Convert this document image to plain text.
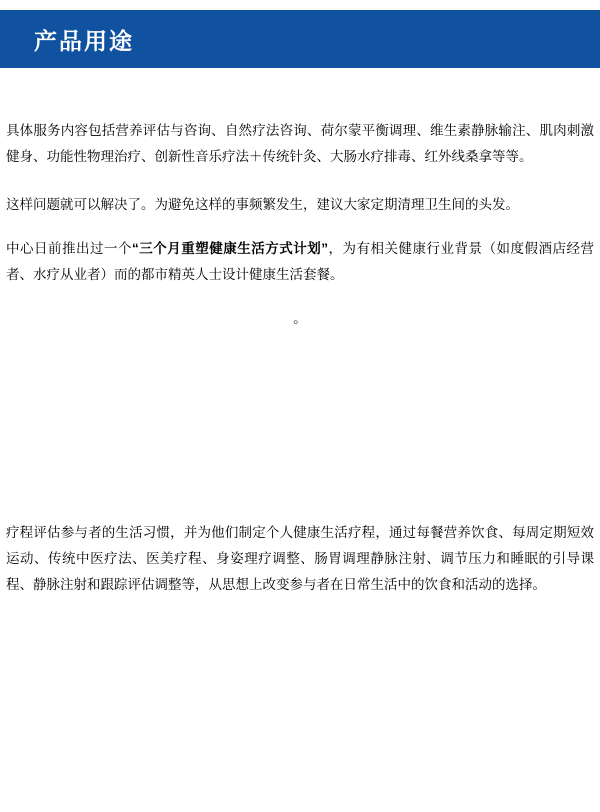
产品用途

具体服务内容包括营养评估与咨询、自然疗法咨询、荷尔蒙平衡调理、维生素静脉输注、肌肉刺激健身、功能性物理治疗、创新性音乐疗法＋传统针灸、大肠水疗排毒、红外线桑拿等等。

这样问题就可以解决了。为避免这样的事频繁发生，建议大家定期清理卫生间的头发。

中心日前推出过一个“三个月重塑健康生活方式计划”，为有相关健康行业背景（如度假酒店经营者、水疗从业者）而的都市精英人士设计健康生活套餐。

。

疗程评估参与者的生活习惯，并为他们制定个人健康生活疗程，通过每餐营养饮食、每周定期短效运动、传统中医疗法、医美疗程、身姿理疗调整、肠胃调理静脉注射、调节压力和睡眠的引导课程、静脉注射和跟踪评估调整等，从思想上改变参与者在日常生活中的饮食和活动的选择。
